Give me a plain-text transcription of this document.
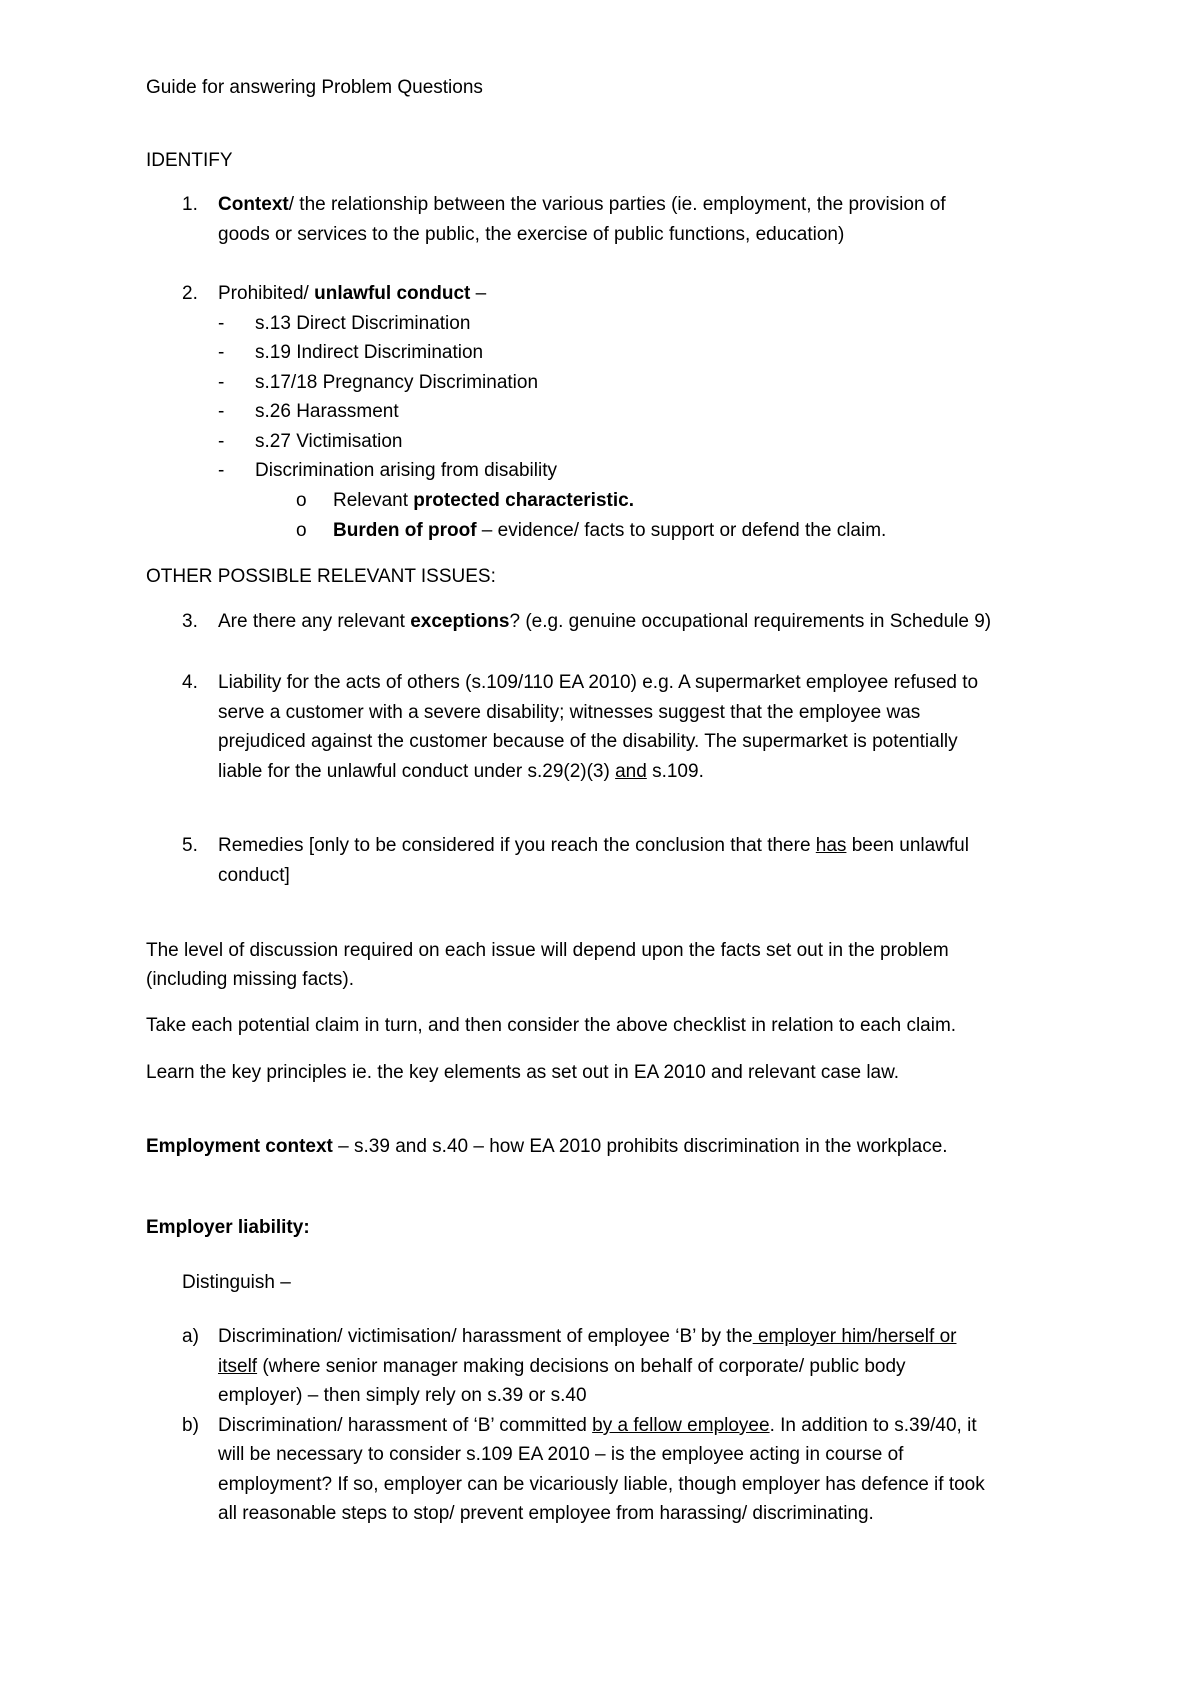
Guide for answering Problem Questions
IDENTIFY
1. Context/ the relationship between the various parties (ie. employment, the provision of
goods or services to the public, the exercise of public functions, education)
2. Prohibited/ unlawful conduct –
- s.13 Direct Discrimination
- s.19 Indirect Discrimination
- s.17/18 Pregnancy Discrimination
- s.26 Harassment
- s.27 Victimisation
- Discrimination arising from disability
o Relevant protected characteristic.
o Burden of proof – evidence/ facts to support or defend the claim.
OTHER POSSIBLE RELEVANT ISSUES:
3. Are there any relevant exceptions? (e.g. genuine occupational requirements in Schedule 9)
4. Liability for the acts of others (s.109/110 EA 2010) e.g. A supermarket employee refused to
serve a customer with a severe disability; witnesses suggest that the employee was
prejudiced against the customer because of the disability. The supermarket is potentially
liable for the unlawful conduct under s.29(2)(3) and s.109.
5. Remedies [only to be considered if you reach the conclusion that there has been unlawful
conduct]
The level of discussion required on each issue will depend upon the facts set out in the problem
(including missing facts).
Take each potential claim in turn, and then consider the above checklist in relation to each claim.
Learn the key principles ie. the key elements as set out in EA 2010 and relevant case law.
Employment context – s.39 and s.40 – how EA 2010 prohibits discrimination in the workplace.
Employer liability:
Distinguish –
a) Discrimination/ victimisation/ harassment of employee ‘B’ by the employer him/herself or
itself (where senior manager making decisions on behalf of corporate/ public body
employer) – then simply rely on s.39 or s.40
b) Discrimination/ harassment of ‘B’ committed by a fellow employee. In addition to s.39/40, it
will be necessary to consider s.109 EA 2010 – is the employee acting in course of
employment? If so, employer can be vicariously liable, though employer has defence if took
all reasonable steps to stop/ prevent employee from harassing/ discriminating.
